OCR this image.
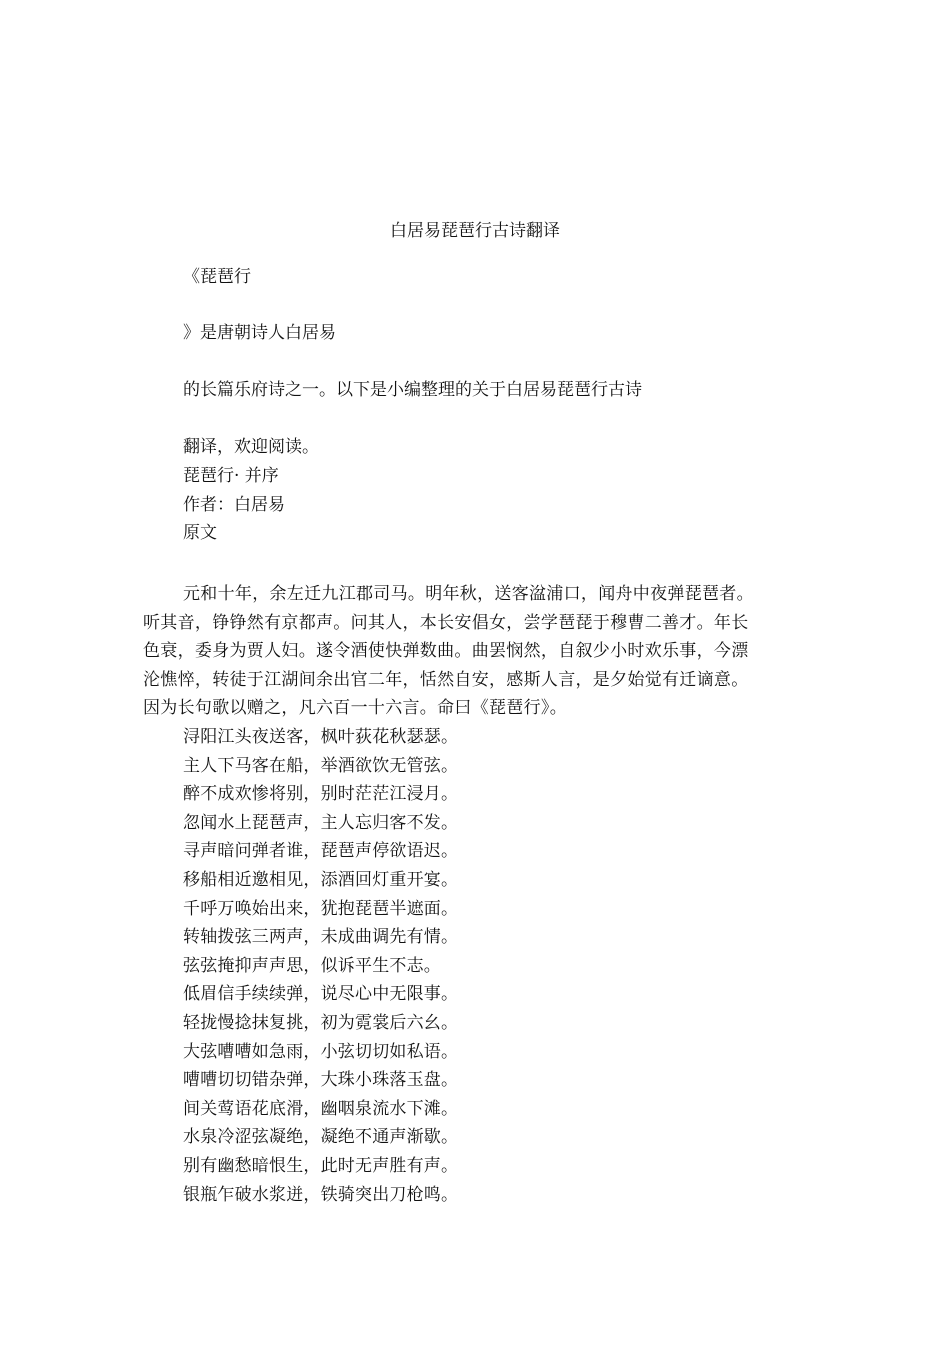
白居易琵琶行古诗翻译
《琵琶行
》是唐朝诗人白居易
的长篇乐府诗之一。以下是小编整理的关于白居易琵琶行古诗
翻译，欢迎阅读。
琵琶行· 并序
作者：白居易
原文
元和十年，余左迁九江郡司马。明年秋，送客湓浦口，闻舟中夜弹琵琶者。
听其音，铮铮然有京都声。问其人，本长安倡女，尝学琶琵于穆曹二善才。年长
色衰，委身为贾人妇。遂令酒使快弹数曲。曲罢悯然，自叙少小时欢乐事，今漂
沦憔悴，转徒于江湖间余出官二年，恬然自安，感斯人言，是夕始觉有迁谪意。
因为长句歌以赠之，凡六百一十六言。命曰《琵琶行》。
浔阳江头夜送客，枫叶荻花秋瑟瑟。
主人下马客在船，举酒欲饮无管弦。
醉不成欢惨将别，别时茫茫江浸月。
忽闻水上琵琶声，主人忘归客不发。
寻声暗问弹者谁，琵琶声停欲语迟。
移船相近邀相见，添酒回灯重开宴。
千呼万唤始出来，犹抱琵琶半遮面。
转轴拨弦三两声，未成曲调先有情。
弦弦掩抑声声思，似诉平生不志。
低眉信手续续弹，说尽心中无限事。
轻拢慢捻抹复挑，初为霓裳后六幺。
大弦嘈嘈如急雨，小弦切切如私语。
嘈嘈切切错杂弹，大珠小珠落玉盘。
间关莺语花底滑，幽咽泉流水下滩。
水泉冷涩弦凝绝，凝绝不通声渐歇。
别有幽愁暗恨生，此时无声胜有声。
银瓶乍破水浆迸，铁骑突出刀枪鸣。
